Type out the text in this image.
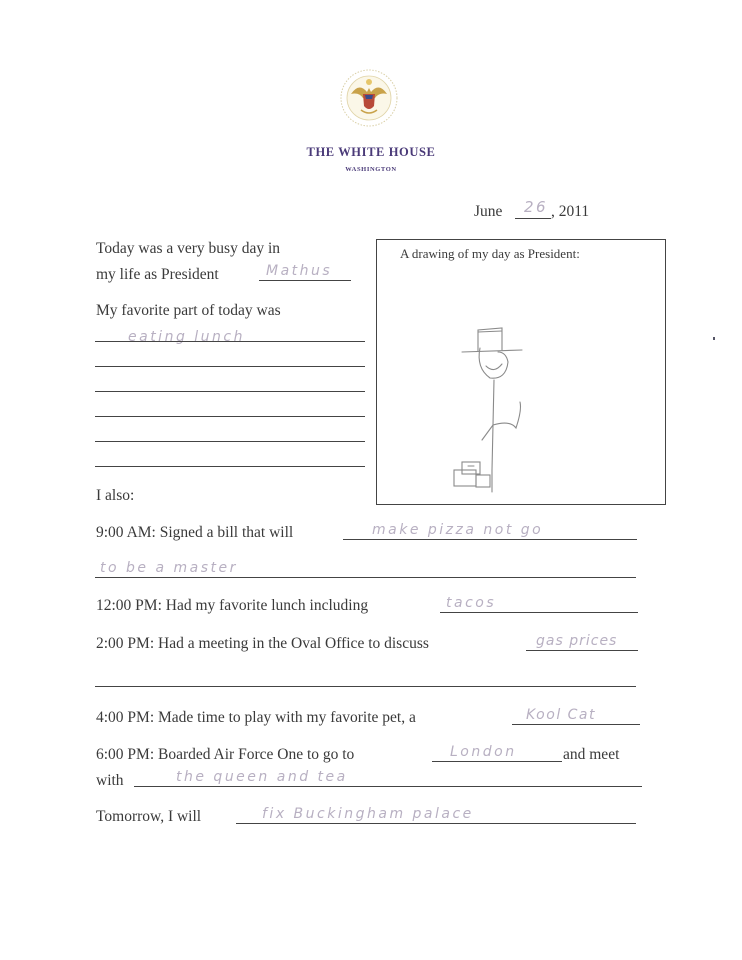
THE WHITE HOUSE
WASHINGTON
June 26 , 2011
Today was a very busy day in
my life as President	Mathus
My favorite part of today was
eating lunch
A drawing of my day as President:
I also:
9:00 AM: Signed a bill that will	make pizza not go
to be a master
12:00 PM: Had my favorite lunch including	tacos
2:00 PM: Had a meeting in the Oval Office to discuss	gas prices
4:00 PM: Made time to play with my favorite pet, a	Kool Cat
6:00 PM: Boarded Air Force One to go to	London	and meet
with	the queen and tea
Tomorrow, I will	fix Buckingham palace
